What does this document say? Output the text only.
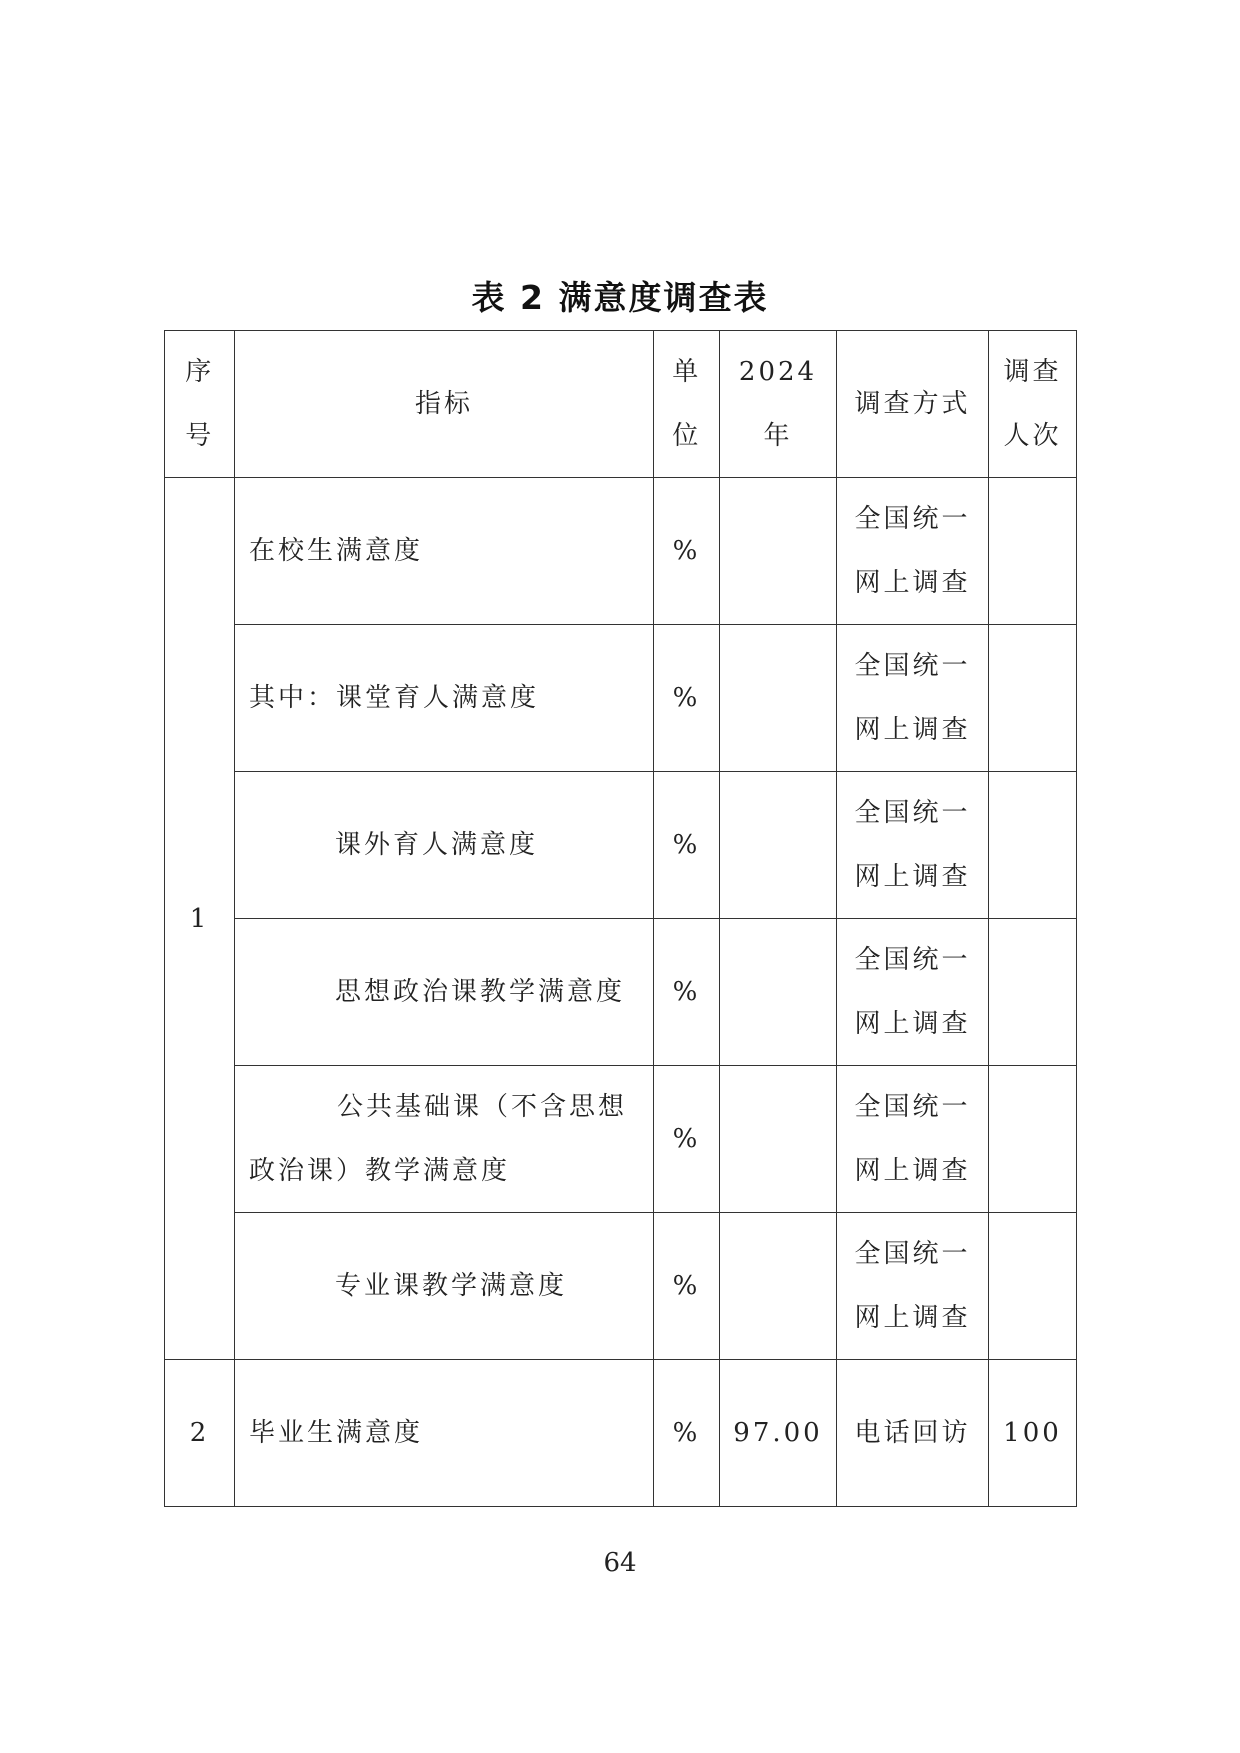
表 2 满意度调查表
序号	指标	单位	2024 年	调查方式	调查人次
1	在校生满意度	%		全国统一网上调查	
	其中：课堂育人满意度	%		全国统一网上调查	
	课外育人满意度	%		全国统一网上调查	
	思想政治课教学满意度	%		全国统一网上调查	
	公共基础课（不含思想政治课）教学满意度	%		全国统一网上调查	
	专业课教学满意度	%		全国统一网上调查	
2	毕业生满意度	%	97.00	电话回访	100
64
